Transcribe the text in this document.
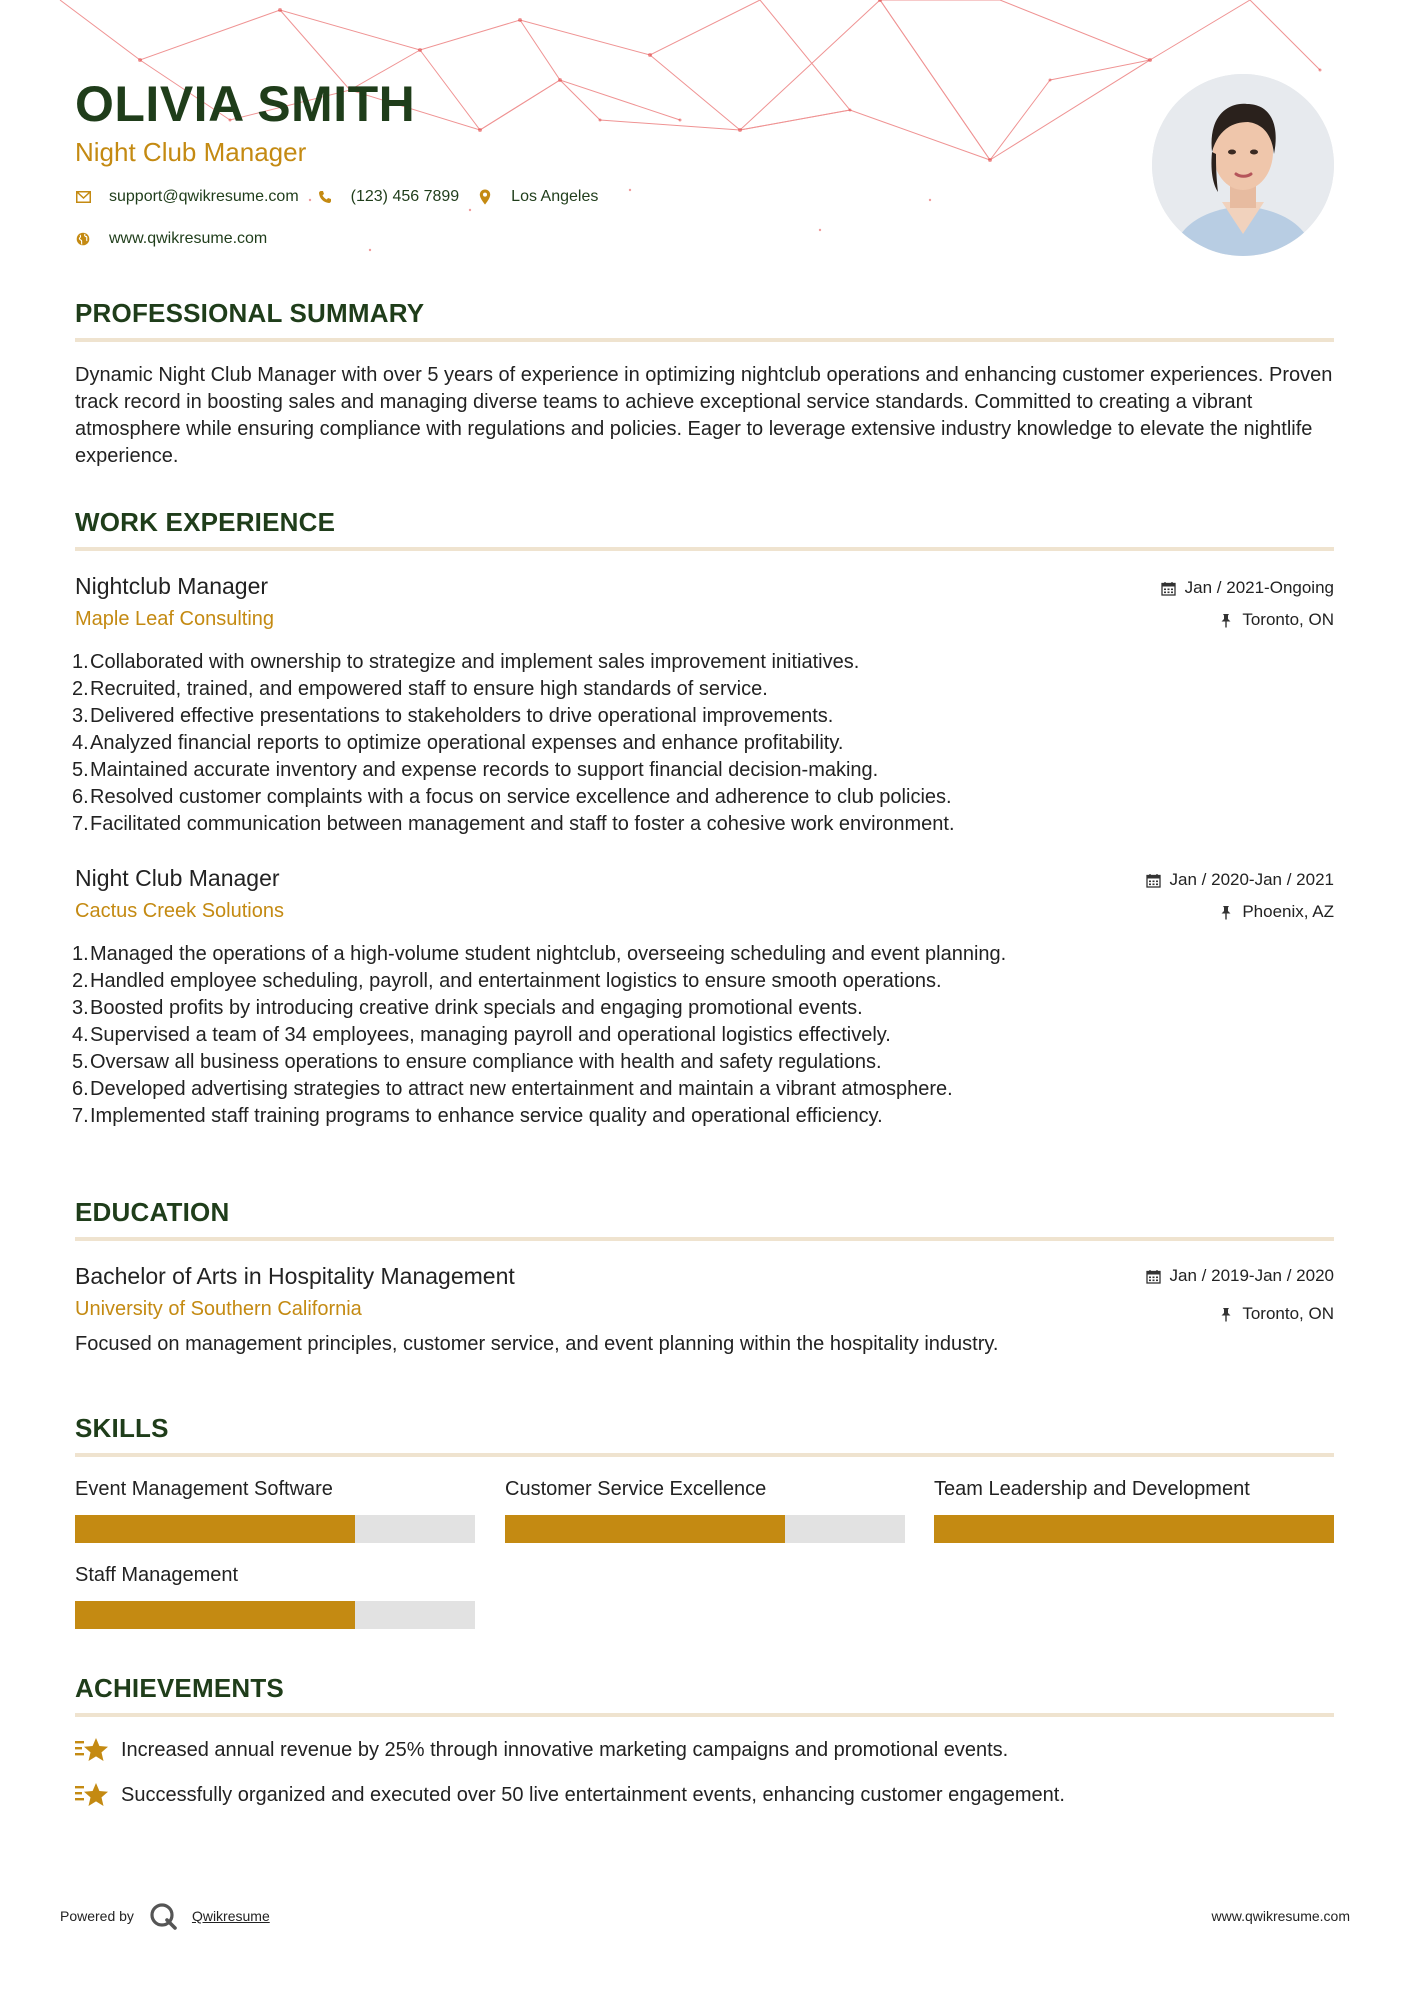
OLIVIA SMITH
Night Club Manager
support@qwikresume.com	(123) 456 7899	Los Angeles
www.qwikresume.com
PROFESSIONAL SUMMARY
Dynamic Night Club Manager with over 5 years of experience in optimizing nightclub operations and enhancing customer experiences. Proven track record in boosting sales and managing diverse teams to achieve exceptional service standards. Committed to creating a vibrant atmosphere while ensuring compliance with regulations and policies. Eager to leverage extensive industry knowledge to elevate the nightlife experience.
WORK EXPERIENCE
Nightclub Manager
Maple Leaf Consulting
Jan / 2021-Ongoing
Toronto, ON
1. Collaborated with ownership to strategize and implement sales improvement initiatives.
2. Recruited, trained, and empowered staff to ensure high standards of service.
3. Delivered effective presentations to stakeholders to drive operational improvements.
4. Analyzed financial reports to optimize operational expenses and enhance profitability.
5. Maintained accurate inventory and expense records to support financial decision-making.
6. Resolved customer complaints with a focus on service excellence and adherence to club policies.
7. Facilitated communication between management and staff to foster a cohesive work environment.
Night Club Manager
Cactus Creek Solutions
Jan / 2020-Jan / 2021
Phoenix, AZ
1. Managed the operations of a high-volume student nightclub, overseeing scheduling and event planning.
2. Handled employee scheduling, payroll, and entertainment logistics to ensure smooth operations.
3. Boosted profits by introducing creative drink specials and engaging promotional events.
4. Supervised a team of 34 employees, managing payroll and operational logistics effectively.
5. Oversaw all business operations to ensure compliance with health and safety regulations.
6. Developed advertising strategies to attract new entertainment and maintain a vibrant atmosphere.
7. Implemented staff training programs to enhance service quality and operational efficiency.
EDUCATION
Bachelor of Arts in Hospitality Management
University of Southern California
Jan / 2019-Jan / 2020
Toronto, ON
Focused on management principles, customer service, and event planning within the hospitality industry.
SKILLS
Event Management Software	Customer Service Excellence	Team Leadership and Development
Staff Management
ACHIEVEMENTS
Increased annual revenue by 25% through innovative marketing campaigns and promotional events.
Successfully organized and executed over 50 live entertainment events, enhancing customer engagement.
Powered by	Qwikresume	www.qwikresume.com
